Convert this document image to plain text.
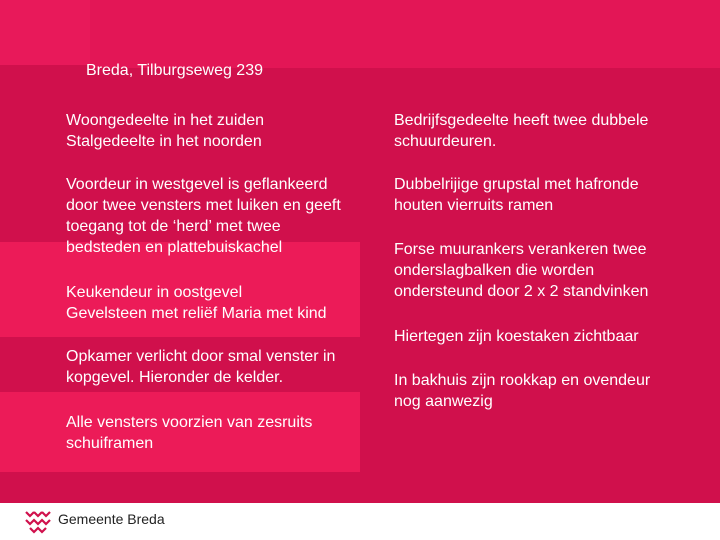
Breda, Tilburgseweg 239
Woongedeelte in het zuiden
Stalgedeelte in het noorden
Voordeur in westgevel is geflankeerd
door twee vensters met luiken en geeft
toegang tot de ‘herd’ met twee
bedsteden en plattebuiskachel
Keukendeur in oostgevel
Gevelsteen met reliëf Maria met kind
Opkamer verlicht door smal venster in
kopgevel. Hieronder de kelder.
Alle vensters voorzien van zesruits
schuiframen
Bedrijfsgedeelte heeft twee dubbele
schuurdeuren.
Dubbelrijige grupstal met hafronde
houten vierruits ramen
Forse muurankers verankeren twee
onderslagbalken die worden
ondersteund door 2 x 2 standvinken
Hiertegen zijn koestaken zichtbaar
In bakhuis zijn rookkap en ovendeur
nog aanwezig
Gemeente Breda
